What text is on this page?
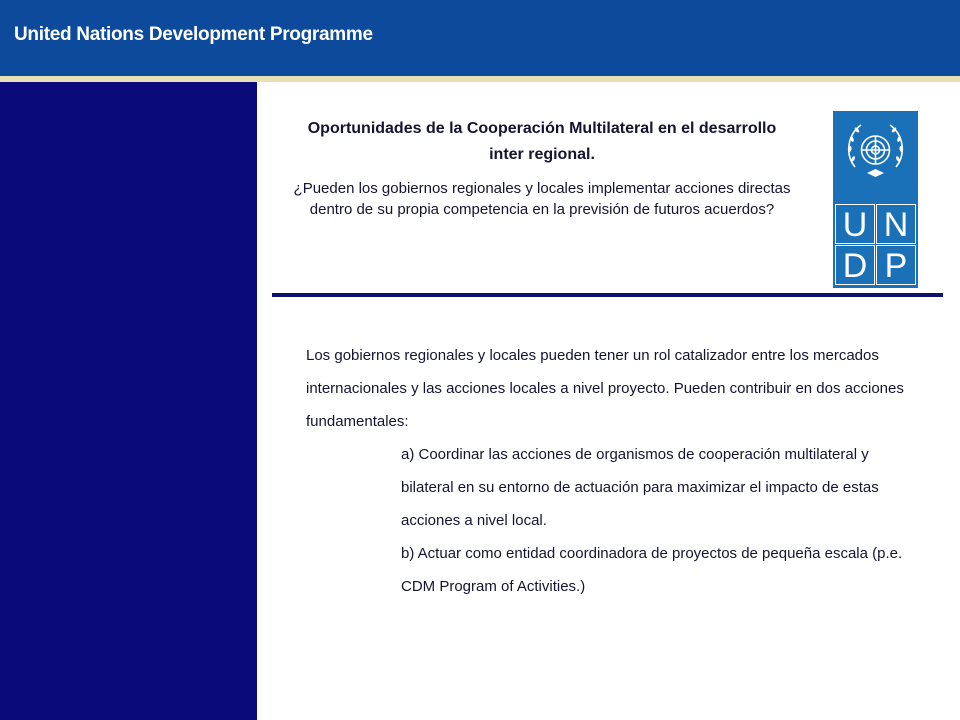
United Nations Development Programme
Oportunidades de la Cooperación Multilateral en el desarrollo
inter regional.

¿Pueden los gobiernos regionales y locales implementar acciones directas dentro de su propia competencia en la previsión de futuros acuerdos?	U N
D P

Los gobiernos regionales y locales pueden tener un rol catalizador entre los mercados internacionales y las acciones locales a nivel proyecto. Pueden contribuir en dos acciones fundamentales:

a) Coordinar las acciones de organismos de cooperación multilateral y bilateral en su entorno de actuación para maximizar el impacto de estas acciones a nivel local.

b) Actuar como entidad coordinadora de proyectos de pequeña escala (p.e. CDM Program of Activities.)
